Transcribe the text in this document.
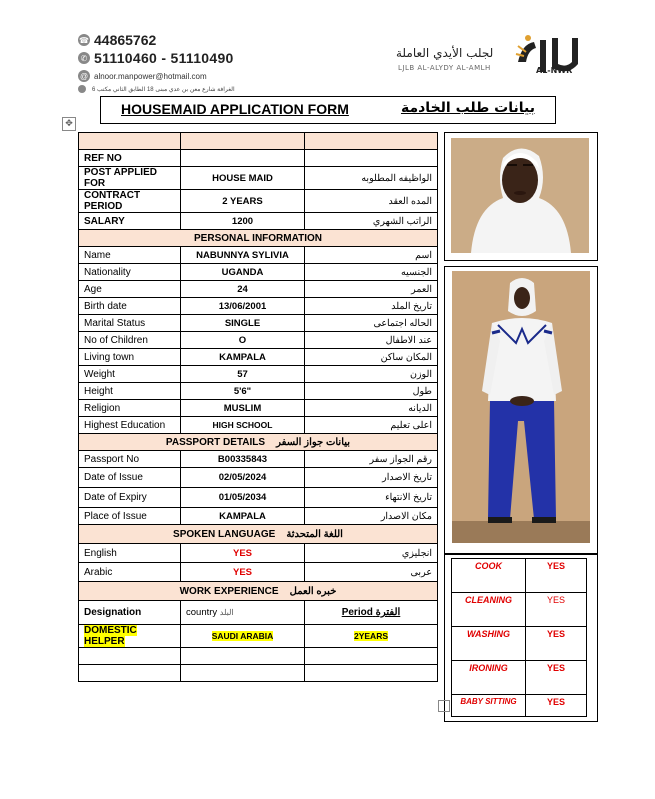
☎ 44865762
✆ 51110460 - 51110490
@ alnoor.manpower@hotmail.com
الغرافة شارع معن بن عدي مبنى 18 الطابق الثاني مكتب 6
لجلب الأيدي العاملة
LJLB AL-ALYDY AL-AMLH	AL-NWR
HOUSEMAID APPLICATION FORM	بيانات طلب الخادمة
✥

REF NO		
POST APPLIED FOR	HOUSE MAID	الواظيفه المطلوبه
CONTRACT PERIOD	2 YEARS	المده العقد
SALARY	1200	الراتب الشهري
PERSONAL INFORMATION		
Name	NABUNNYA SYLIVIA	اسم
Nationality	UGANDA	الجنسيه
Age	24	العمر
Birth date	13/06/2001	تاريخ الملد
Marital Status	SINGLE	الحاله اجتماعى
No of Children	O	عند الاطفال
Living town	KAMPALA	المكان ساكن
Weight	57	الوزن
Height	5'6"	طول
Religion	MUSLIM	الديانه
Highest Education	HIGH SCHOOL	اعلى تعليم
PASSPORT DETAILS بيانات جواز السفر		
Passport No	B00335843	رقم الجواز سفر
Date of Issue	02/05/2024	تاريخ الاصدار
Date of Expiry	01/05/2034	تاريخ الانتهاء
Place of Issue	KAMPALA	مكان الاصدار
SPOKEN LANGUAGE اللغة المتحدثة		
English	YES	انجليزي
Arabic	YES	عربى
WORK EXPERIENCE خبره العمل		
Designation	country البلد	Period الفترة
DOMESTIC HELPER	SAUDI ARABIA	2YEARS

COOK	YES
CLEANING	YES
WASHING	YES
IRONING	YES
BABY SITTING	YES
